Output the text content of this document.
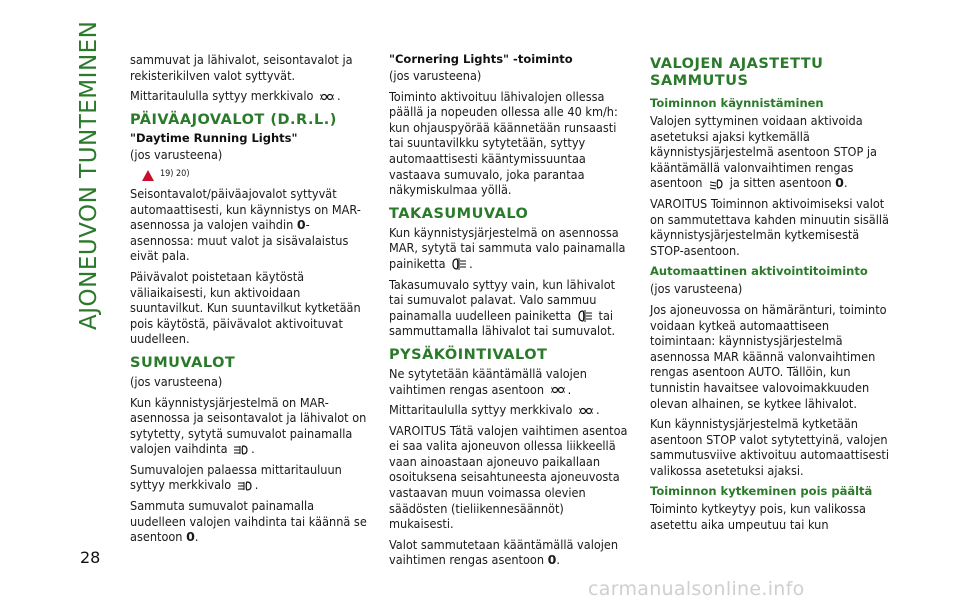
AJONEUVON TUNTEMINEN
28

sammuvat ja lähivalot, seisontavalot ja rekisterikilven valot syttyvät.

Mittaritaululla syttyy merkkivalo .

PÄIVÄAJOVALOT (D.R.L.)
"Daytime Running Lights"

(jos varusteena)

19) 20)

Seisontavalot/päiväajovalot syttyvät automaattisesti, kun käynnistys on MAR-asennossa ja valojen vaihdin 0-asennossa: muut valot ja sisävalaistus eivät pala.

Päivävalot poistetaan käytöstä väliaikaisesti, kun aktivoidaan suuntavilkut. Kun suuntavilkut kytketään pois käytöstä, päivävalot aktivoituvat uudelleen.

SUMUVALOT

(jos varusteena)

Kun käynnistysjärjestelmä on MAR-asennossa ja seisontavalot ja lähivalot on sytytetty, sytytä sumuvalot painamalla valojen vaihdinta .

Sumuvalojen palaessa mittaritauluun syttyy merkkivalo .

Sammuta sumuvalot painamalla uudelleen valojen vaihdinta tai käännä se asentoon 0.

"Cornering Lights" -toiminto

(jos varusteena)

Toiminto aktivoituu lähivalojen ollessa päällä ja nopeuden ollessa alle 40 km/h: kun ohjauspyörää käännetään runsaasti tai suuntavilkku sytytetään, syttyy automaattisesti kääntymissuuntaa vastaava sumuvalo, joka parantaa näkymiskulmaa yöllä.

TAKASUMUVALO

Kun käynnistysjärjestelmä on asennossa MAR, sytytä tai sammuta valo painamalla painiketta .

Takasumuvalo syttyy vain, kun lähivalot tai sumuvalot palavat. Valo sammuu painamalla uudelleen painiketta tai sammuttamalla lähivalot tai sumuvalot.

PYSÄKÖINTIVALOT

Ne sytytetään kääntämällä valojen vaihtimen rengas asentoon .

Mittaritaululla syttyy merkkivalo .

VAROITUS Tätä valojen vaihtimen asentoa ei saa valita ajoneuvon ollessa liikkeellä vaan ainoastaan ajoneuvo paikallaan osoituksena seisahtuneesta ajoneuvosta vastaavan muun voimassa olevien säädösten (tieliikennesäännöt) mukaisesti.

Valot sammutetaan kääntämällä valojen vaihtimen rengas asentoon 0.

VALOJEN AJASTETTU SAMMUTUS
Toiminnon käynnistäminen

Valojen syttyminen voidaan aktivoida asetetuksi ajaksi kytkemällä käynnistysjärjestelmä asentoon STOP ja kääntämällä valonvaihtimen rengas asentoon ja sitten asentoon 0.

VAROITUS Toiminnon aktivoimiseksi valot on sammutettava kahden minuutin sisällä käynnistysjärjestelmän kytkemisestä STOP-asentoon.

Automaattinen aktivointitoiminto

(jos varusteena)

Jos ajoneuvossa on hämäränturi, toiminto voidaan kytkeä automaattiseen toimintaan: käynnistysjärjestelmä asennossa MAR käännä valonvaihtimen rengas asentoon AUTO. Tällöin, kun tunnistin havaitsee valovoimakkuuden olevan alhainen, se kytkee lähivalot.

Kun käynnistysjärjestelmä kytketään asentoon STOP valot sytytettyinä, valojen sammutusviive aktivoituu automaattisesti valikossa asetetuksi ajaksi.

Toiminnon kytkeminen pois päältä

Toiminto kytkeytyy pois, kun valikossa asetettu aika umpeutuu tai kun

carmanualsonline.info
